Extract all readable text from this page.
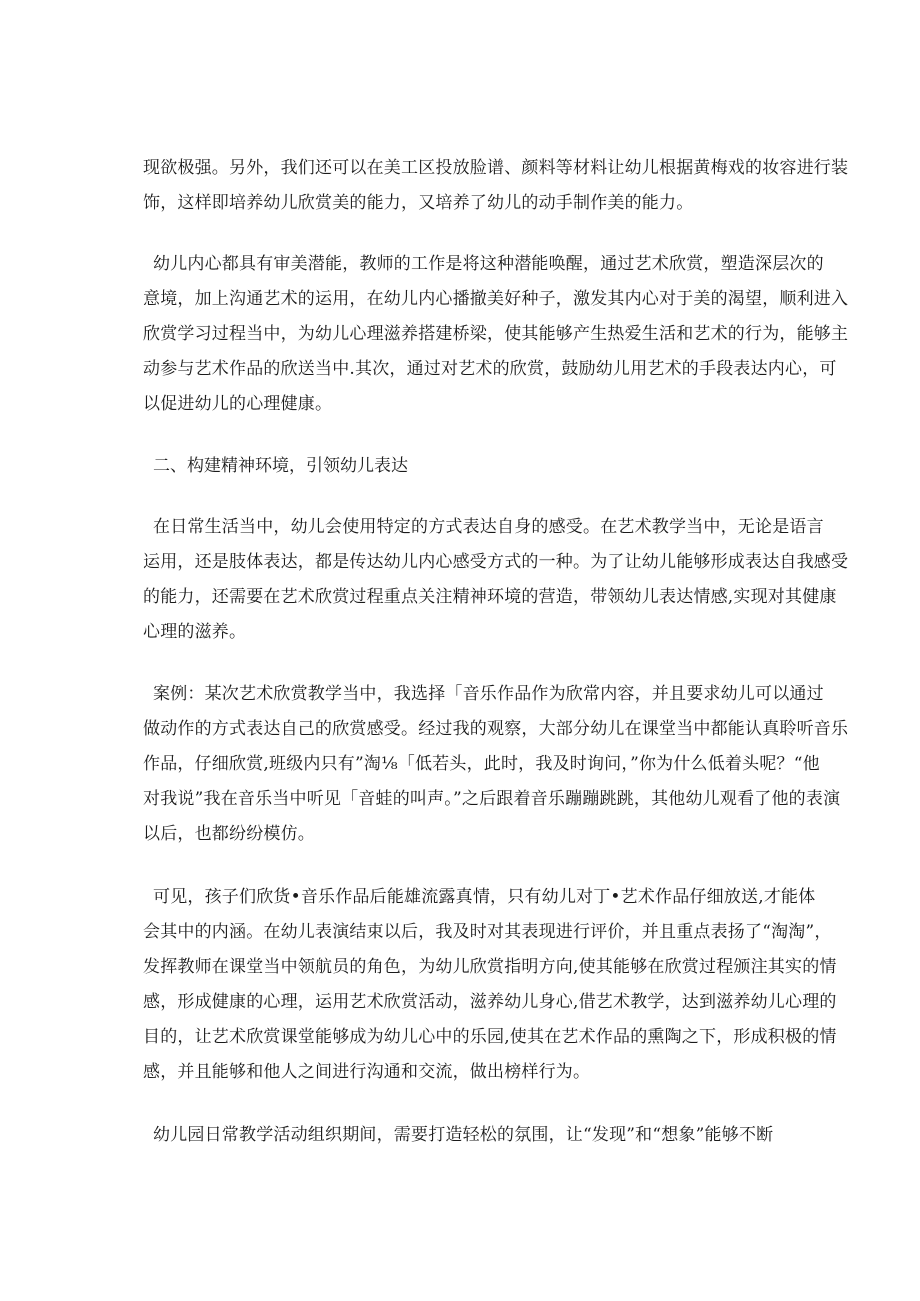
现欲极强。另外，我们还可以在美工区投放脸谱、颜料等材料让幼儿根据黄梅戏的妆容进行装
饰，这样即培养幼儿欣赏美的能力，又培养了幼儿的动手制作美的能力。

幼儿内心都具有审美潜能，教师的工作是将这种潜能唤醒，通过艺术欣赏，塑造深层次的
意境，加上沟通艺术的运用，在幼儿内心播撤美好种子，激发其内心对于美的渴望，顺利进入
欣赏学习过程当中，为幼儿心理滋养搭建桥梁，使其能够产生热爱生活和艺术的行为，能够主
动参与艺术作品的欣送当中.其次，通过对艺术的欣赏，鼓励幼儿用艺术的手段表达内心，可
以促进幼儿的心理健康。

二、构建精神环境，引领幼儿表达

在日常生活当中，幼儿会使用特定的方式表达自身的感受。在艺术教学当中，无论是语言
运用，还是肢体表达，都是传达幼儿内心感受方式的一种。为了让幼儿能够形成表达自我感受
的能力，还需要在艺术欣赏过程重点关注精神环境的营造，带领幼儿表达情感,实现对其健康
心理的滋养。

案例：某次艺术欣赏教学当中，我选择「音乐作品作为欣常内容，并且要求幼儿可以通过
做动作的方式表达自己的欣赏感受。经过我的观察，大部分幼儿在课堂当中都能认真聆听音乐
作品，仔细欣赏,班级内只有”淘⅛「低若头，此时，我及时询问，”你为什么低着头呢？“他
对我说”我在音乐当中听见「音蛙的叫声。”之后跟着音乐蹦蹦跳跳，其他幼儿观看了他的表演
以后，也都纷纷模仿。

可见，孩子们欣货•音乐作品后能雄流露真情，只有幼儿对丁•艺术作品仔细放送,才能体
会其中的内涵。在幼儿表演结束以后，我及时对其表现进行评价，并且重点表扬了“淘淘”，
发挥教师在课堂当中领航员的角色，为幼儿欣赏指明方向,使其能够在欣赏过程颁注其实的情
感，形成健康的心理，运用艺术欣赏活动，滋养幼儿身心,借艺术教学，达到滋养幼儿心理的
目的，让艺术欣赏课堂能够成为幼儿心中的乐园,使其在艺术作品的熏陶之下，形成积极的情
感，并且能够和他人之间进行沟通和交流，做出榜样行为。

幼儿园日常教学活动组织期间，需要打造轻松的氛围，让“发现”和“想象”能够不断
